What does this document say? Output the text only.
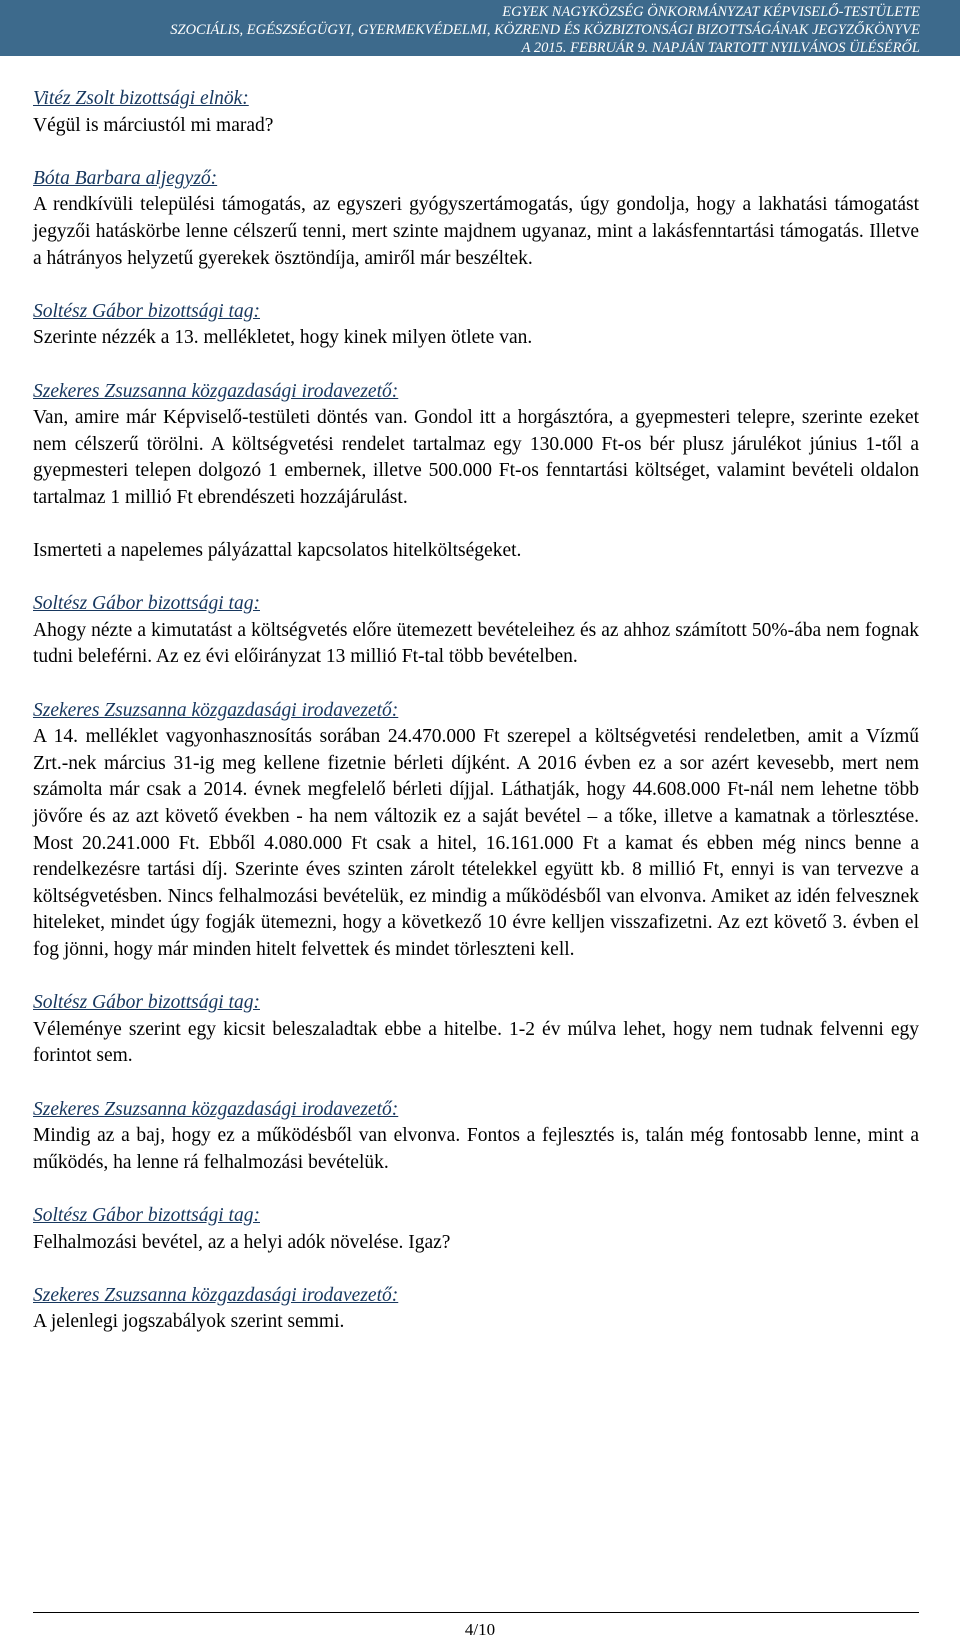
EGYEK NAGYKÖZSÉG ÖNKORMÁNYZAT KÉPVISELŐ-TESTÜLETE
SZOCIÁLIS, EGÉSZSÉGÜGYI, GYERMEKVÉDELMI, KÖZREND ÉS KÖZBIZTONSÁGI BIZOTTSÁGÁNAK JEGYZŐKÖNYVE
A 2015. FEBRUÁR 9. NAPJÁN TARTOTT NYILVÁNOS ÜLÉSÉRŐL
Vitéz Zsolt bizottsági elnök:

Végül is márciustól mi marad?

Bóta Barbara aljegyző:

A rendkívüli települési támogatás, az egyszeri gyógyszertámogatás, úgy gondolja, hogy a lakhatási támogatást jegyzői hatáskörbe lenne célszerű tenni, mert szinte majdnem ugyanaz, mint a lakásfenntartási támogatás. Illetve a hátrányos helyzetű gyerekek ösztöndíja, amiről már beszéltek.

Soltész Gábor bizottsági tag:

Szerinte nézzék a 13. mellékletet, hogy kinek milyen ötlete van.

Szekeres Zsuzsanna közgazdasági irodavezető:

Van, amire már Képviselő-testületi döntés van. Gondol itt a horgásztóra, a gyepmesteri telepre, szerinte ezeket nem célszerű törölni. A költségvetési rendelet tartalmaz egy 130.000 Ft-os bér plusz járulékot június 1-től a gyepmesteri telepen dolgozó 1 embernek, illetve 500.000 Ft-os fenntartási költséget, valamint bevételi oldalon tartalmaz 1 millió Ft ebrendészeti hozzájárulást.

Ismerteti a napelemes pályázattal kapcsolatos hitelköltségeket.

Soltész Gábor bizottsági tag:

Ahogy nézte a kimutatást a költségvetés előre ütemezett bevételeihez és az ahhoz számított 50%-ába nem fognak tudni beleférni. Az ez évi előirányzat 13 millió Ft-tal több bevételben.

Szekeres Zsuzsanna közgazdasági irodavezető:

A 14. melléklet vagyonhasznosítás sorában 24.470.000 Ft szerepel a költségvetési rendeletben, amit a Vízmű Zrt.-nek március 31-ig meg kellene fizetnie bérleti díjként. A 2016 évben ez a sor azért kevesebb, mert nem számolta már csak a 2014. évnek megfelelő bérleti díjjal. Láthatják, hogy 44.608.000 Ft-nál nem lehetne több jövőre és az azt követő években - ha nem változik ez a saját bevétel – a tőke, illetve a kamatnak a törlesztése. Most 20.241.000 Ft. Ebből 4.080.000 Ft csak a hitel, 16.161.000 Ft a kamat és ebben még nincs benne a rendelkezésre tartási díj. Szerinte éves szinten zárolt tételekkel együtt kb. 8 millió Ft, ennyi is van tervezve a költségvetésben. Nincs felhalmozási bevételük, ez mindig a működésből van elvonva. Amiket az idén felvesznek hiteleket, mindet úgy fogják ütemezni, hogy a következő 10 évre kelljen visszafizetni. Az ezt követő 3. évben el fog jönni, hogy már minden hitelt felvettek és mindet törleszteni kell.

Soltész Gábor bizottsági tag:

Véleménye szerint egy kicsit beleszaladtak ebbe a hitelbe. 1-2 év múlva lehet, hogy nem tudnak felvenni egy forintot sem.

Szekeres Zsuzsanna közgazdasági irodavezető:

Mindig az a baj, hogy ez a működésből van elvonva. Fontos a fejlesztés is, talán még fontosabb lenne, mint a működés, ha lenne rá felhalmozási bevételük.

Soltész Gábor bizottsági tag:

Felhalmozási bevétel, az a helyi adók növelése. Igaz?

Szekeres Zsuzsanna közgazdasági irodavezető:

A jelenlegi jogszabályok szerint semmi.

4/10
